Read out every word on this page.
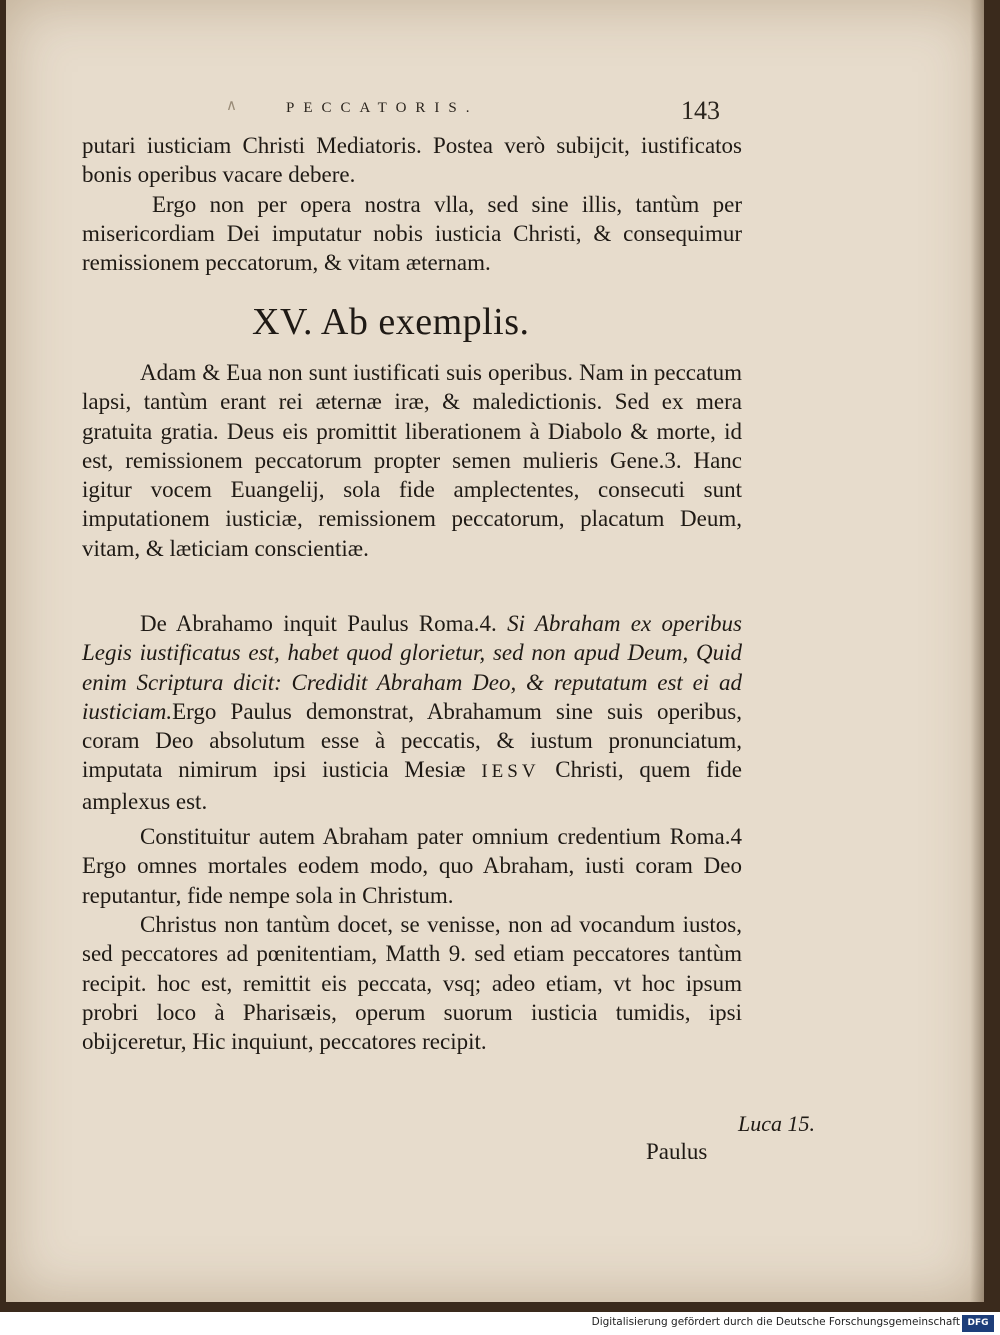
∧	PECCATORIS.	143

putari iusticiam Christi Mediatoris. Postea verò subijcit, iustificatos bonis operibus vacare debere.

Ergo non per opera nostra vlla, sed sine illis, tantùm per misericordiam Dei imputatur nobis iusticia Christi, & consequimur remissionem peccatorum, & vitam æternam.

XV. Ab exemplis.

Adam & Eua non sunt iustificati suis operibus. Nam in peccatum lapsi, tantùm erant rei æternæ iræ, & maledictionis. Sed ex mera gratuita gratia. Deus eis promittit liberationem à Diabolo & morte, id est, remissionem peccatorum propter semen mulieris Gene.3. Hanc igitur vocem Euangelij, sola fide amplectentes, consecuti sunt imputationem iusticiæ, remissionem peccatorum, placatum Deum, vitam, & læticiam conscientiæ.

De Abrahamo inquit Paulus Roma.4. Si Abraham ex operibus Legis iustificatus est, habet quod glorietur, sed non apud Deum, Quid enim Scriptura dicit: Credidit Abraham Deo, & reputatum est ei ad iusticiam.Ergo Paulus demonstrat, Abrahamum sine suis operibus, coram Deo absolutum esse à peccatis, & iustum pronunciatum, imputata nimirum ipsi iusticia Mesiæ IESV Christi, quem fide amplexus est.

Constituitur autem Abraham pater omnium credentium Roma.4 Ergo omnes mortales eodem modo, quo Abraham, iusti coram Deo reputantur, fide nempe sola in Christum.

Christus non tantùm docet, se venisse, non ad vocandum iustos, sed peccatores ad pœnitentiam, Matth 9. sed etiam peccatores tantùm recipit. hoc est, remittit eis peccata, vsq; adeo etiam, vt hoc ipsum probri loco à Pharisæis, operum suorum iusticia tumidis, ipsi obijceretur, Hic inquiunt, peccatores recipit.

Luca 15.
Paulus
Digitalisierung gefördert durch die Deutsche Forschungsgemeinschaft DFG
